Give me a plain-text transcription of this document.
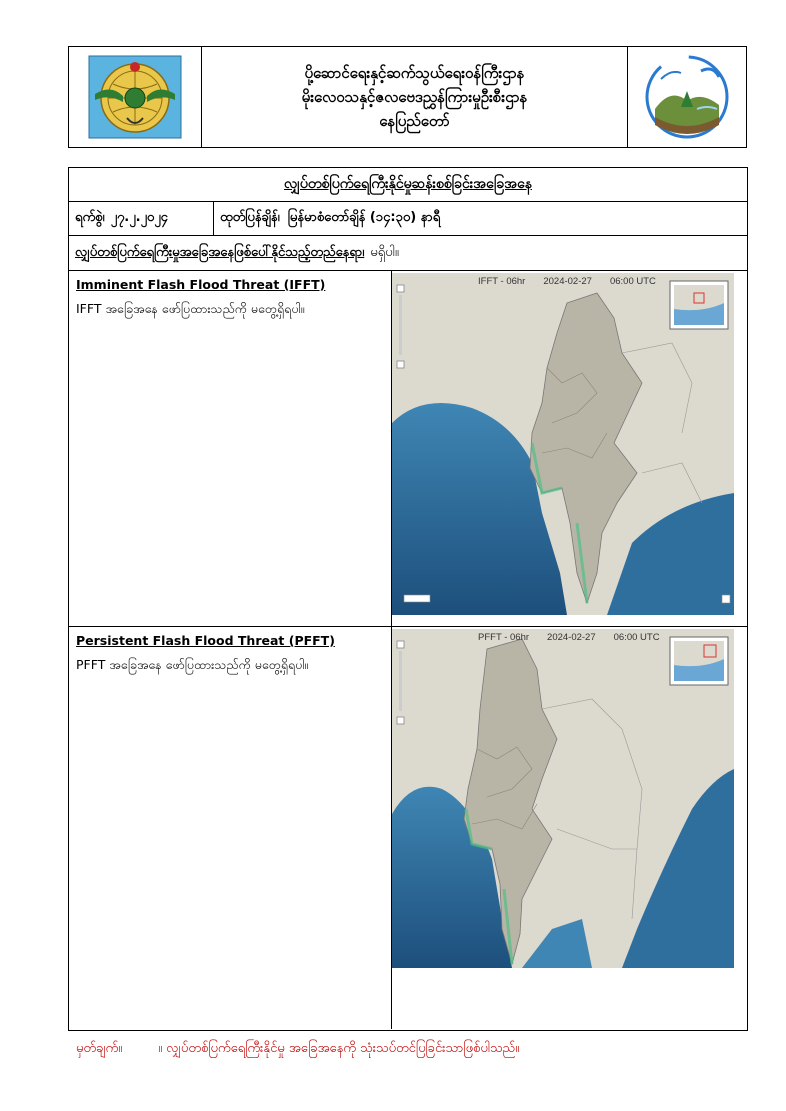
ပို့ဆောင်ရေးနှင့်ဆက်သွယ်ရေးဝန်ကြီးဌာန
မိုးလေဝသနှင့်ဇလဗေဒညွှန်ကြားမှုဦးစီးဌာန
နေပြည်တော်
လျှပ်တစ်ပြက်ရေကြီးနိုင်မှုဆန်းစစ်ခြင်းအခြေအနေ
ရက်စွဲ၊ ၂၇.၂.၂၀၂၄	ထုတ်ပြန်ချိန်၊ မြန်မာစံတော်ချိန် (၁၄:၃၀) နာရီ
လျှပ်တစ်ပြက်ရေကြီးမှုအခြေအနေဖြစ်ပေါ်နိုင်သည့်တည်နေရာ၊ မရှိပါ။
Imminent Flash Flood Threat (IFFT)
IFFT အခြေအနေ ဖော်ပြထားသည်ကို မတွေ့ရှိရပါ။
IFFT - 06hr 2024-02-27 06:00 UTC
Persistent Flash Flood Threat (PFFT)
PFFT အခြေအနေ ဖော်ပြထားသည်ကို မတွေ့ရှိရပါ။
PFFT - 06hr 2024-02-27 06:00 UTC
မှတ်ချက်။	။ လျှပ်တစ်ပြက်ရေကြီးနိုင်မှု အခြေအနေကို သုံးသပ်တင်ပြခြင်းသာဖြစ်ပါသည်။
